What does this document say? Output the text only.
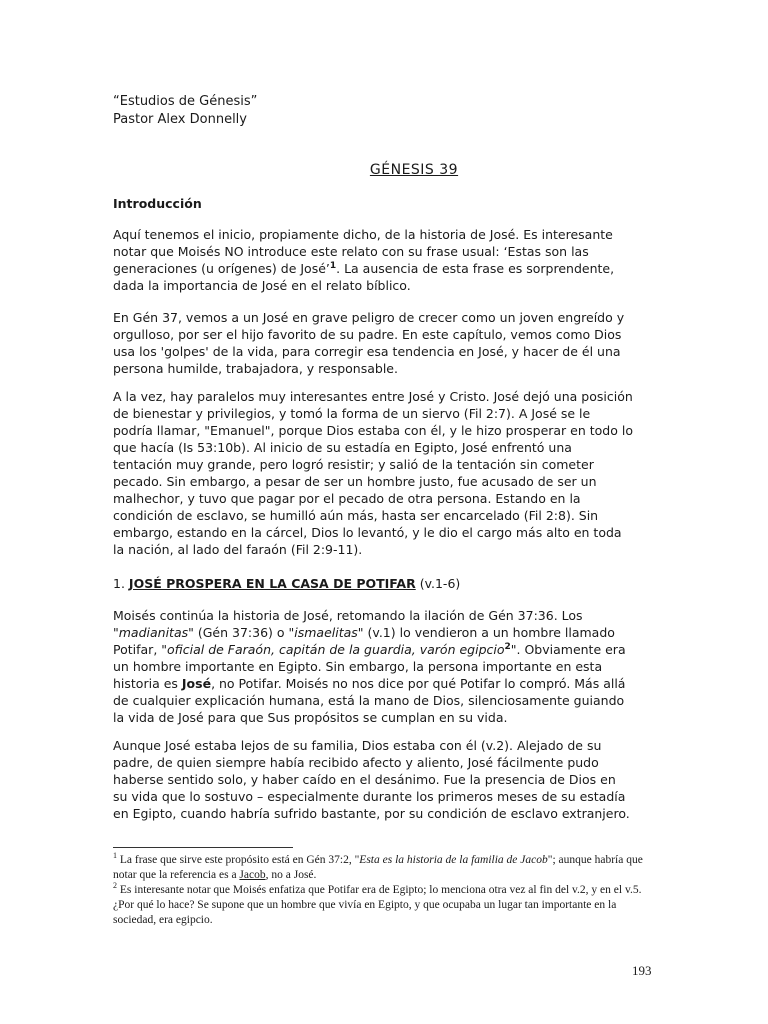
“Estudios de Génesis”
Pastor Alex Donnelly
GÉNESIS 39
Introducción

Aquí tenemos el inicio, propiamente dicho, de la historia de José. Es interesante notar que Moisés NO introduce este relato con su frase usual: ‘Estas son las generaciones (u orígenes) de José’$^1$. La ausencia de esta frase es sorprendente, dada la importancia de José en el relato bíblico.

En Gén 37, vemos a un José en grave peligro de crecer como un joven engreído y orgulloso, por ser el hijo favorito de su padre. En este capítulo, vemos como Dios usa los 'golpes' de la vida, para corregir esa tendencia en José, y hacer de él una persona humilde, trabajadora, y responsable.

A la vez, hay paralelos muy interesantes entre José y Cristo. José dejó una posición de bienestar y privilegios, y tomó la forma de un siervo (Fil 2:7). A José se le podría llamar, "Emanuel", porque Dios estaba con él, y le hizo prosperar en todo lo que hacía (Is 53:10b). Al inicio de su estadía en Egipto, José enfrentó una tentación muy grande, pero logró resistir; y salió de la tentación sin cometer pecado. Sin embargo, a pesar de ser un hombre justo, fue acusado de ser un malhechor, y tuvo que pagar por el pecado de otra persona. Estando en la condición de esclavo, se humilló aún más, hasta ser encarcelado (Fil 2:8). Sin embargo, estando en la cárcel, Dios lo levantó, y le dio el cargo más alto en toda la nación, al lado del faraón (Fil 2:9-11).

1. JOSÉ PROSPERA EN LA CASA DE POTIFAR (v.1-6)

Moisés continúa la historia de José, retomando la ilación de Gén 37:36. Los "madianitas" (Gén 37:36) o "ismaelitas" (v.1) lo vendieron a un hombre llamado Potifar, "oficial de Faraón, capitán de la guardia, varón egipcio$^2$". Obviamente era un hombre importante en Egipto. Sin embargo, la persona importante en esta historia es José, no Potifar. Moisés no nos dice por qué Potifar lo compró. Más allá de cualquier explicación humana, está la mano de Dios, silenciosamente guiando la vida de José para que Sus propósitos se cumplan en su vida.

Aunque José estaba lejos de su familia, Dios estaba con él (v.2). Alejado de su padre, de quien siempre había recibido afecto y aliento, José fácilmente pudo haberse sentido solo, y haber caído en el desánimo. Fue la presencia de Dios en su vida que lo sostuvo – especialmente durante los primeros meses de su estadía en Egipto, cuando habría sufrido bastante, por su condición de esclavo extranjero.

$^1$ La frase que sirve este propósito está en Gén 37:2, "Esta es la historia de la familia de Jacob"; aunque habría que notar que la referencia es a Jacob, no a José.

$^2$ Es interesante notar que Moisés enfatiza que Potifar era de Egipto; lo menciona otra vez al fin del v.2, y en el v.5. ¿Por qué lo hace? Se supone que un hombre que vivía en Egipto, y que ocupaba un lugar tan importante en la sociedad, era egipcio.

193
